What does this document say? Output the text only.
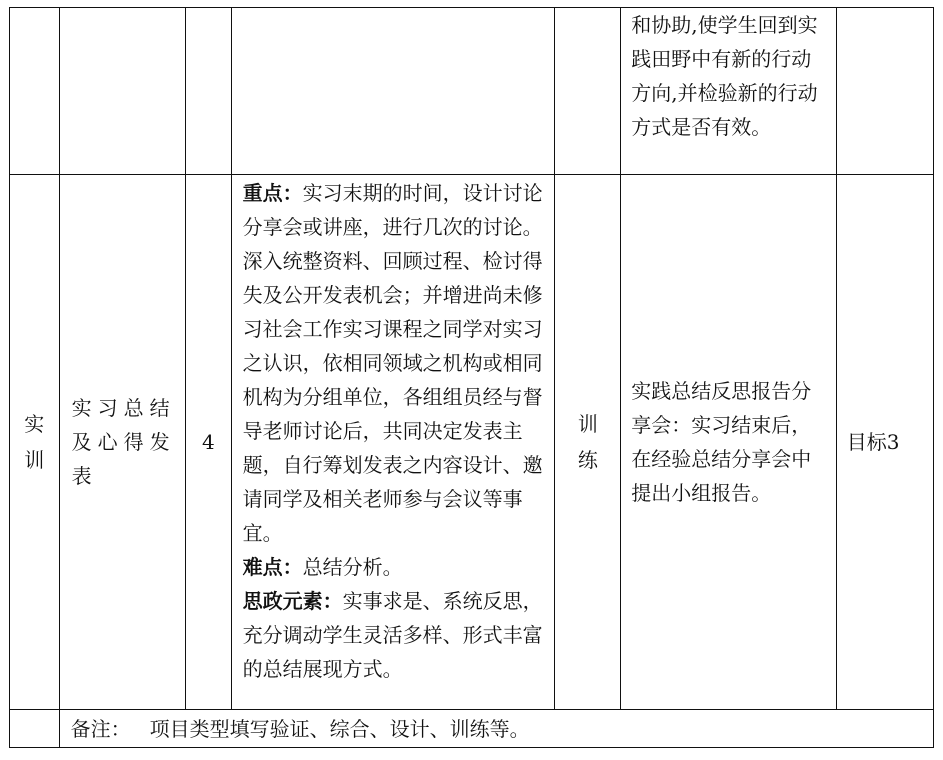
					和协助,使学生回到实践田野中有新的行动方向,并检验新的行动方式是否有效。	

实
训	实习总结及心得发表	4	重点：实习末期的时间，设计讨论分享会或讲座，进行几次的讨论。深入统整资料、回顾过程、检讨得失及公开发表机会；并增进尚未修习社会工作实习课程之同学对实习之认识，依相同领域之机构或相同机构为分组单位，各组组员经与督导老师讨论后，共同决定发表主题，自行筹划发表之内容设计、邀请同学及相关老师参与会议等事宜。
难点：总结分析。
思政元素：实事求是、系统反思，充分调动学生灵活多样、形式丰富的总结展现方式。	训
练	实践总结反思报告分享会：实习结束后，在经验总结分享会中提出小组报告。	目标3
	备注： 项目类型填写验证、综合、设计、训练等。					
